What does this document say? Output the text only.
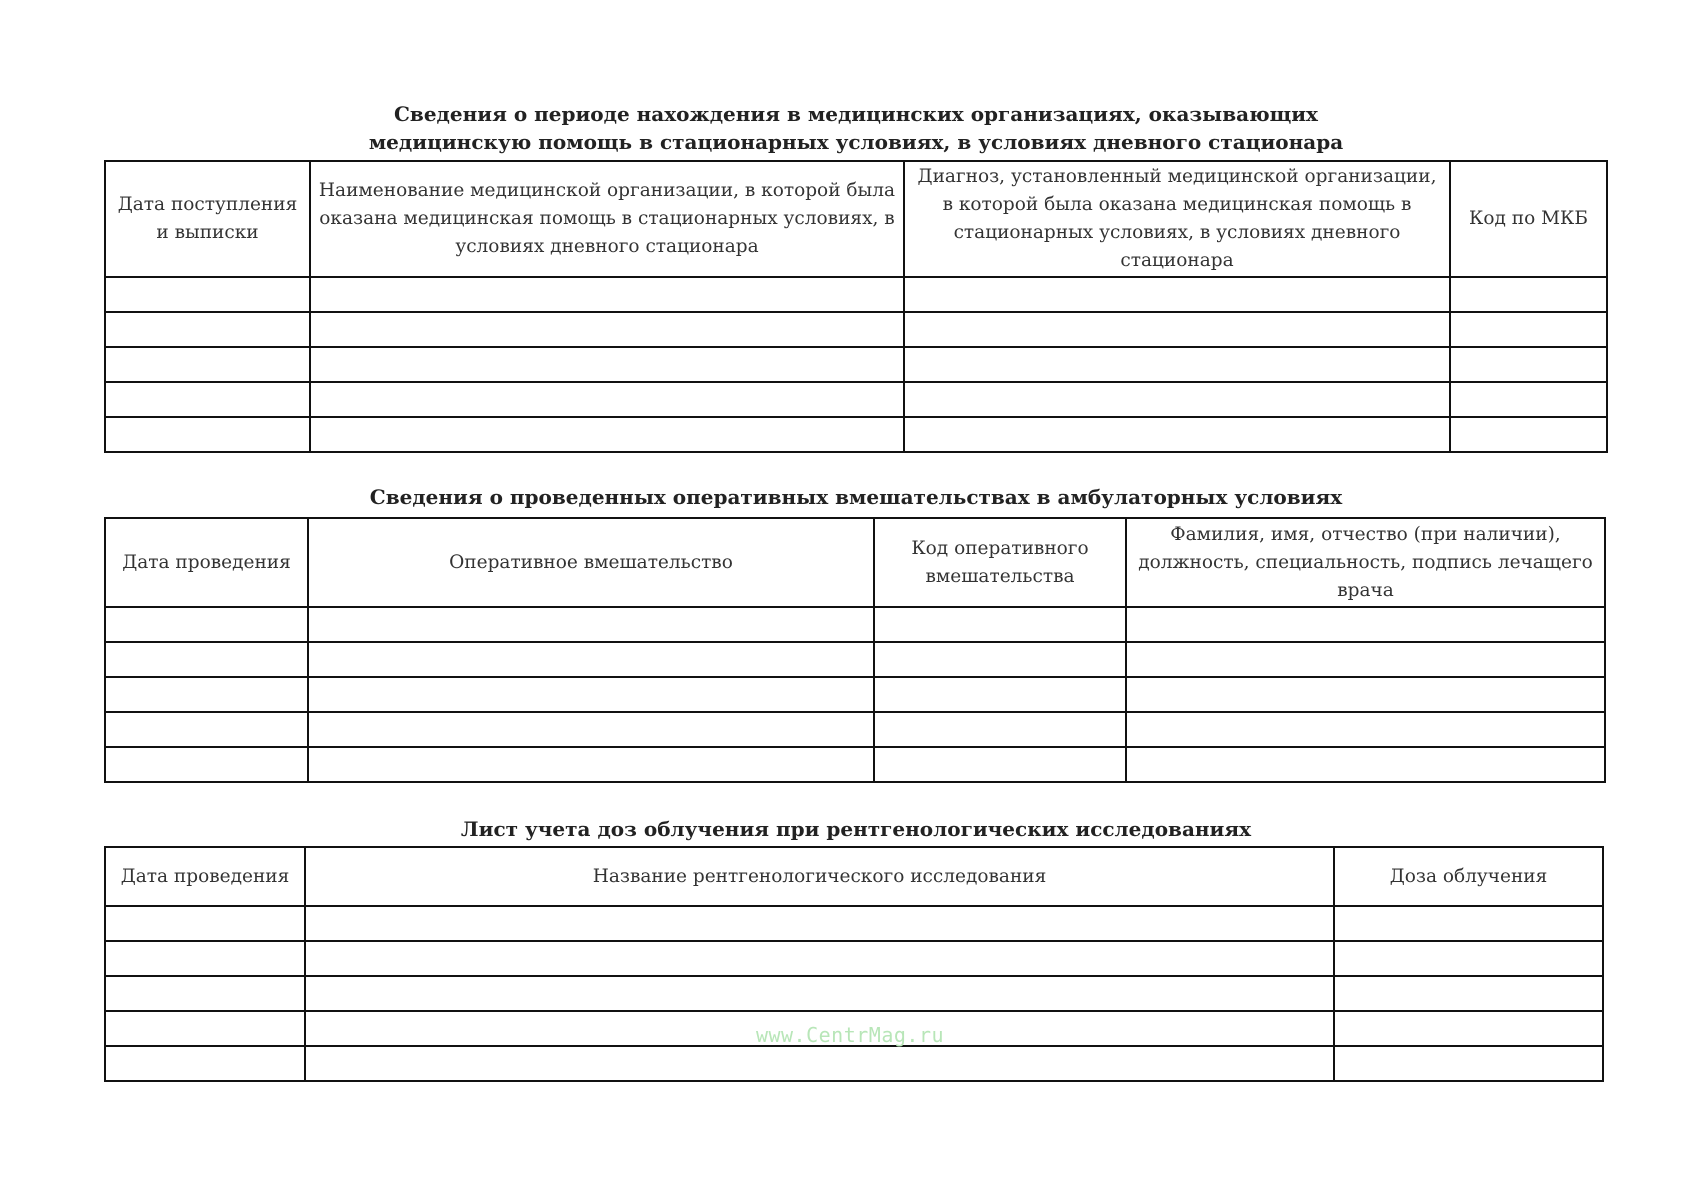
Сведения о периоде нахождения в медицинских организациях, оказывающих
медицинскую помощь в стационарных условиях, в условиях дневного стационара
Дата поступления и выписки	Наименование медицинской организации, в которой была оказана медицинская помощь в стационарных условиях, в условиях дневного стационара	Диагноз, установленный медицинской организации, в которой была оказана медицинская помощь в стационарных условиях, в условиях дневного стационара	Код по МКБ

Сведения о проведенных оперативных вмешательствах в амбулаторных условиях
Дата проведения	Оперативное вмешательство	Код оперативного вмешательства	Фамилия, имя, отчество (при наличии), должность, специальность, подпись лечащего врача

Лист учета доз облучения при рентгенологических исследованиях
Дата проведения	Название рентгенологического исследования	Доза облучения

www.CentrMag.ru
